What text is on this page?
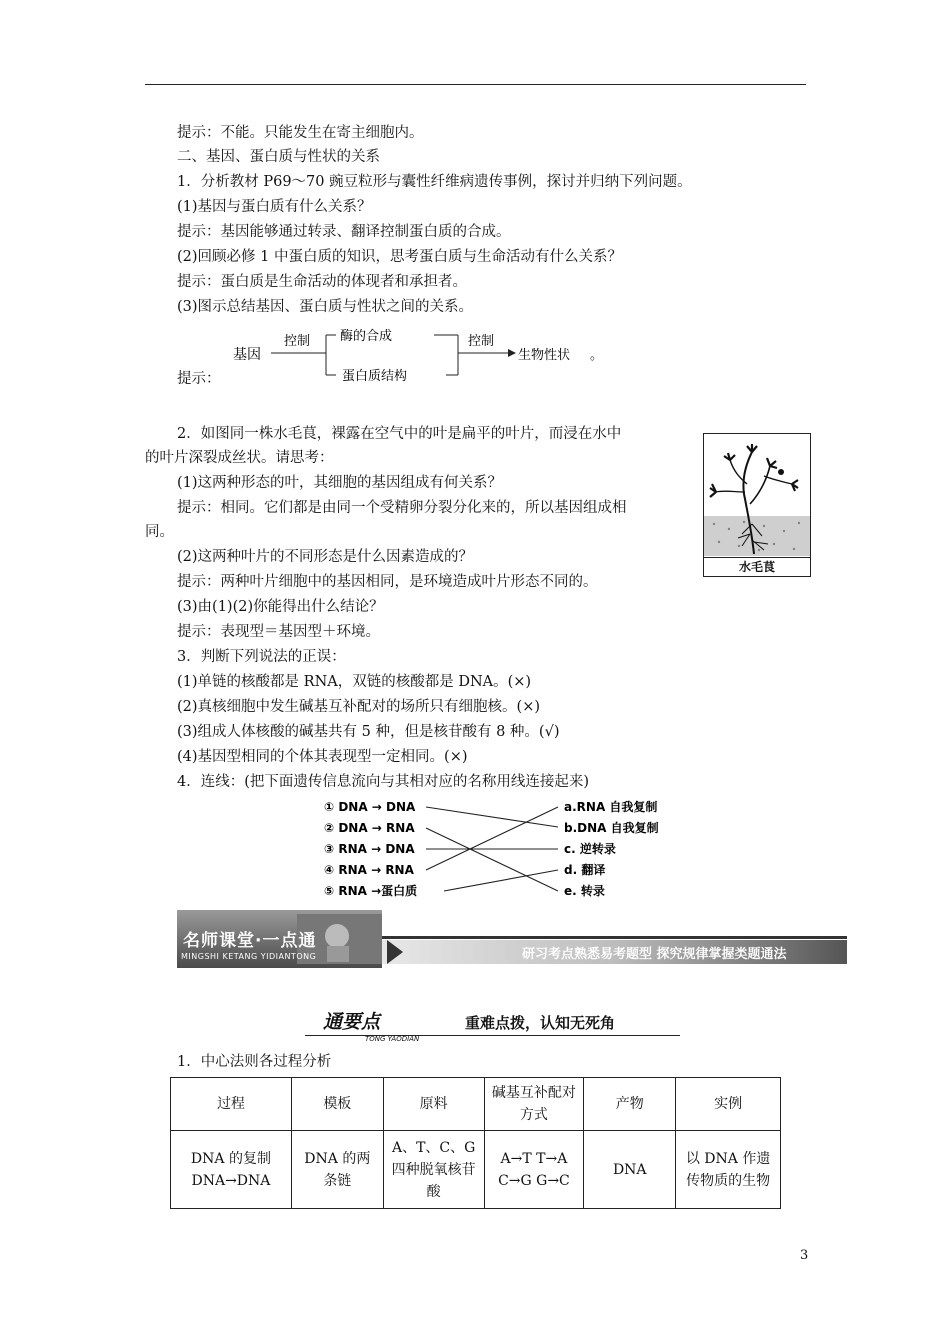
提示：不能。只能发生在寄主细胞内。
二、基因、蛋白质与性状的关系
1．分析教材 P69～70 豌豆粒形与囊性纤维病遗传事例，探讨并归纳下列问题。
(1)基因与蛋白质有什么关系？
提示：基因能够通过转录、翻译控制蛋白质的合成。
(2)回顾必修 1 中蛋白质的知识，思考蛋白质与生命活动有什么关系？
提示：蛋白质是生命活动的体现者和承担者。
(3)图示总结基因、蛋白质与性状之间的关系。
提示：
基因
控制 酶的合成
蛋白质结构
控制
生物性状 。
2．如图同一株水毛茛，裸露在空气中的叶是扁平的叶片，而浸在水中
的叶片深裂成丝状。请思考：
(1)这两种形态的叶，其细胞的基因组成有何关系？
提示：相同。它们都是由同一个受精卵分裂分化来的，所以基因组成相
同。
(2)这两种叶片的不同形态是什么因素造成的？
提示：两种叶片细胞中的基因相同，是环境造成叶片形态不同的。
(3)由(1)(2)你能得出什么结论？
提示：表现型＝基因型＋环境。
3．判断下列说法的正误：
(1)单链的核酸都是 RNA，双链的核酸都是 DNA。(×)
(2)真核细胞中发生碱基互补配对的场所只有细胞核。(×)
(3)组成人体核酸的碱基共有 5 种，但是核苷酸有 8 种。(√)
(4)基因型相同的个体其表现型一定相同。(×)
4．连线：(把下面遗传信息流向与其相对应的名称用线连接起来)
水毛茛
① DNA → DNA
② DNA → RNA
③ RNA → DNA
④ RNA → RNA
⑤ RNA →蛋白质
a.RNA 自我复制
b.DNA 自我复制
c. 逆转录
d. 翻译
e. 转录
名师课堂·一点通
MINGSHI KETANG YIDIANTONG	研习考点熟悉易考题型 探究规律掌握类题通法
通要点
TONG YAODIAN
重难点拨，认知无死角
1．中心法则各过程分析
过程	模板	原料	碱基互补配对方式	产物	实例
DNA 的复制 DNA→DNA	DNA 的两条链	A、T、C、G 四种脱氧核苷酸	A→T T→A C→G G→C	DNA	以 DNA 作遗传物质的生物
3
